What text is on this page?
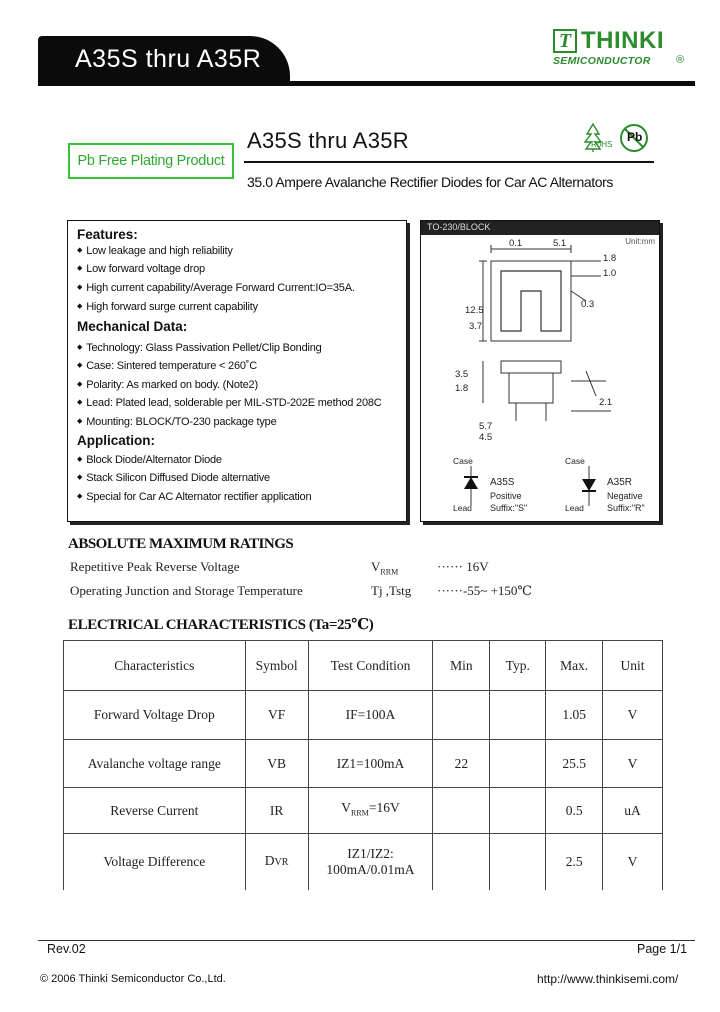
A35S thru A35R
T THINKI
SEMICONDUCTOR ®
Pb Free Plating Product
A35S thru A35R
35.0 Ampere Avalanche Rectifier Diodes for Car AC Alternators
RoHS
Pb
Features:
◆ Low leakage and high reliability
◆ Low forward voltage drop
◆ High current capability/Average Forward Current:IO=35A.
◆ High forward surge current capability
Mechanical Data:
◆ Technology: Glass Passivation Pellet/Clip Bonding
◆ Case: Sintered temperature < 260˚C
◆ Polarity: As marked on body. (Note2)
◆ Lead: Plated lead, solderable per MIL-STD-202E method 208C
◆ Mounting: BLOCK/TO-230 package type
Application:
◆ Block Diode/Alternator Diode
◆ Stack Silicon Diffused Diode alternative
◆ Special for Car AC Alternator rectifier application
TO-230/BLOCK
Unit:mm
0.1	5.1
1.8
1.0
0.3
12.5
3.7
3.5
1.8
2.1
5.7
4.5
Case	Case
Lead	Lead
A35S
Positive
Suffix:"S"
A35R
Negative
Suffix:"R"
ABSOLUTE MAXIMUM RATINGS
Repetitive Peak Reverse Voltage	$V_{RRM}$	······ 16V
Operating Junction and Storage Temperature	Tj ,Tstg ······-55~ +150℃
ELECTRICAL CHARACTERISTICS (Ta=25℃)
Characteristics	Symbol	Test Condition	Min	Typ.	Max.	Unit
Forward Voltage Drop	VF	IF=100A			1.05	V
Avalanche voltage range	VB	IZ1=100mA	22		25.5	V
Reverse Current	IR	$V_{RRM}=16V$			0.5	uA
Voltage Difference	DVR	IZ1/IZ2:
100mA/0.01mA			2.5	V
Rev.02	Page 1/1
© 2006 Thinki Semiconductor Co.,Ltd.	http://www.thinkisemi.com/
